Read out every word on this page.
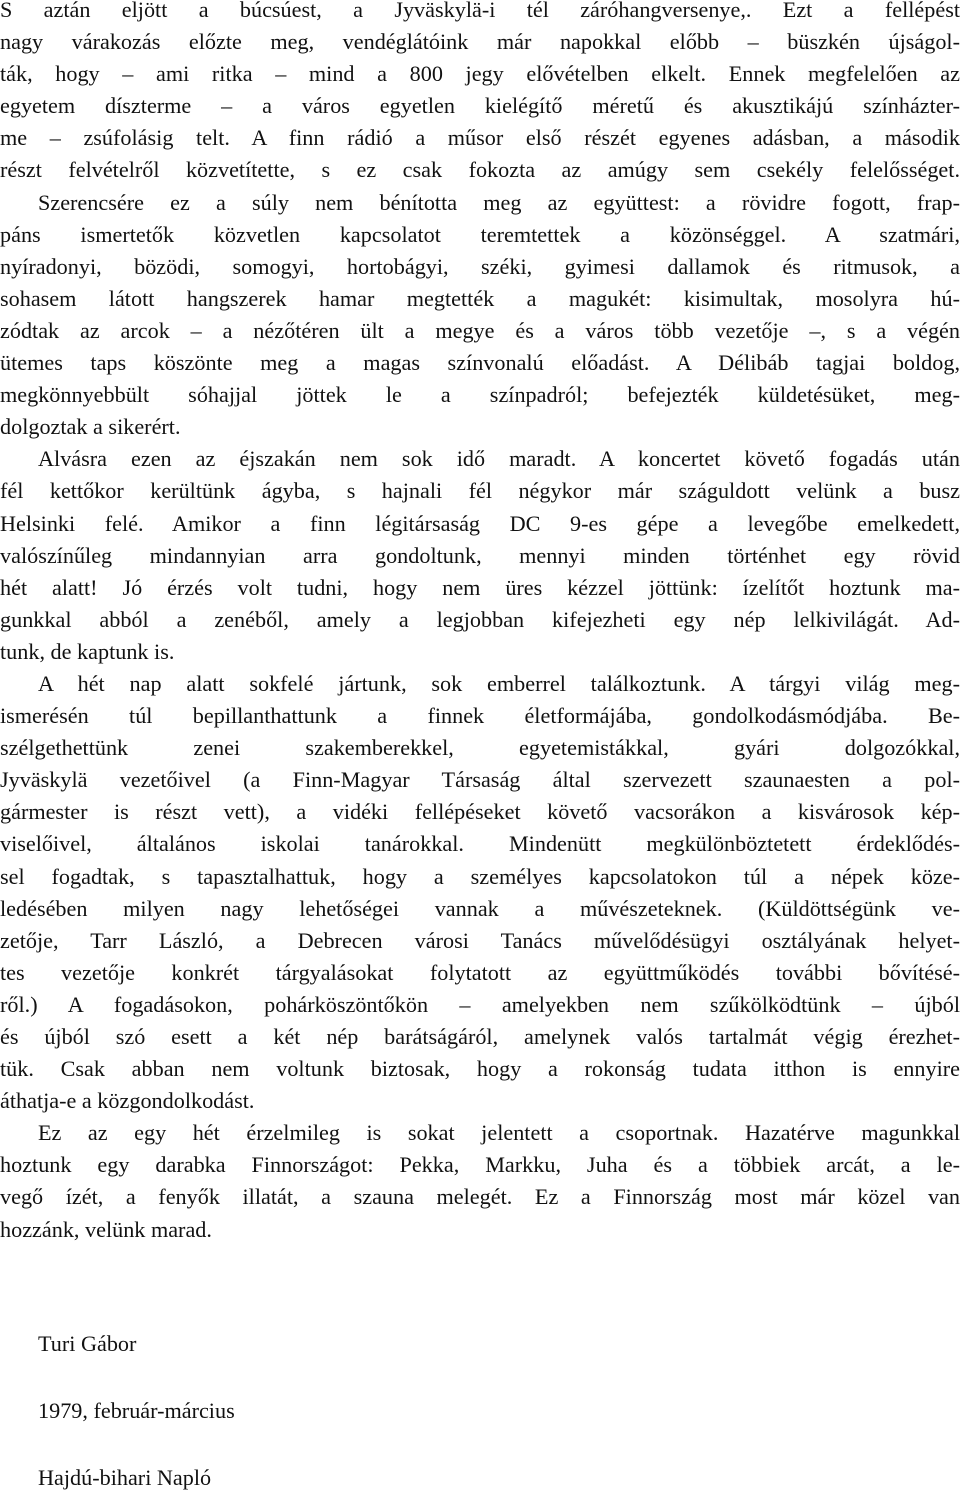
S aztán eljött a búcsúest, a Jyväskylä-i tél záróhangversenye,. Ezt a fellépést
nagy várakozás előzte meg, vendéglátóink már napokkal előbb – büszkén újságol-
ták, hogy – ami ritka – mind a 800 jegy elővételben elkelt. Ennek megfelelően az
egyetem díszterme – a város egyetlen kielégítő méretű és akusztikájú színházter-
me – zsúfolásig telt. A finn rádió a műsor első részét egyenes adásban, a második
részt felvételről közvetítette, s ez csak fokozta az amúgy sem csekély felelősséget.
Szerencsére ez a súly nem bénította meg az együttest: a rövidre fogott, frap-
páns ismertetők közvetlen kapcsolatot teremtettek a közönséggel. A szatmári,
nyíradonyi, bözödi, somogyi, hortobágyi, széki, gyimesi dallamok és ritmusok, a
sohasem látott hangszerek hamar megtették a magukét: kisimultak, mosolyra hú-
zódtak az arcok – a nézőtéren ült a megye és a város több vezetője –, s a végén
ütemes taps köszönte meg a magas színvonalú előadást. A Délibáb tagjai boldog,
megkönnyebbült sóhajjal jöttek le a színpadról; befejezték küldetésüket, meg-
dolgoztak a sikerért.
Alvásra ezen az éjszakán nem sok idő maradt. A koncertet követő fogadás után
fél kettőkor kerültünk ágyba, s hajnali fél négykor már száguldott velünk a busz
Helsinki felé. Amikor a finn légitársaság DC 9-es gépe a levegőbe emelkedett,
valószínűleg mindannyian arra gondoltunk, mennyi minden történhet egy rövid
hét alatt! Jó érzés volt tudni, hogy nem üres kézzel jöttünk: ízelítőt hoztunk ma-
gunkkal abból a zenéből, amely a legjobban kifejezheti egy nép lelkivilágát. Ad-
tunk, de kaptunk is.
A hét nap alatt sokfelé jártunk, sok emberrel találkoztunk. A tárgyi világ meg-
ismerésén túl bepillanthattunk a finnek életformájába, gondolkodásmódjába. Be-
szélgethettünk zenei szakemberekkel, egyetemistákkal, gyári dolgozókkal,
Jyväskylä vezetőivel (a Finn-Magyar Társaság által szervezett szaunaesten a pol-
gármester is részt vett), a vidéki fellépéseket követő vacsorákon a kisvárosok kép-
viselőivel, általános iskolai tanárokkal. Mindenütt megkülönböztetett érdeklődés-
sel fogadtak, s tapasztalhattuk, hogy a személyes kapcsolatokon túl a népek köze-
ledésében milyen nagy lehetőségei vannak a művészeteknek. (Küldöttségünk ve-
zetője, Tarr László, a Debrecen városi Tanács művelődésügyi osztályának helyet-
tes vezetője konkrét tárgyalásokat folytatott az együttműködés további bővítésé-
ről.) A fogadásokon, pohárköszöntőkön – amelyekben nem szűkölködtünk – újból
és újból szó esett a két nép barátságáról, amelynek valós tartalmát végig érezhet-
tük. Csak abban nem voltunk biztosak, hogy a rokonság tudata itthon is ennyire
áthatja-e a közgondolkodást.
Ez az egy hét érzelmileg is sokat jelentett a csoportnak. Hazatérve magunkkal
hoztunk egy darabka Finnországot: Pekka, Markku, Juha és a többiek arcát, a le-
vegő ízét, a fenyők illatát, a szauna melegét. Ez a Finnország most már közel van
hozzánk, velünk marad.
Turi Gábor
1979, február-március
Hajdú-bihari Napló
